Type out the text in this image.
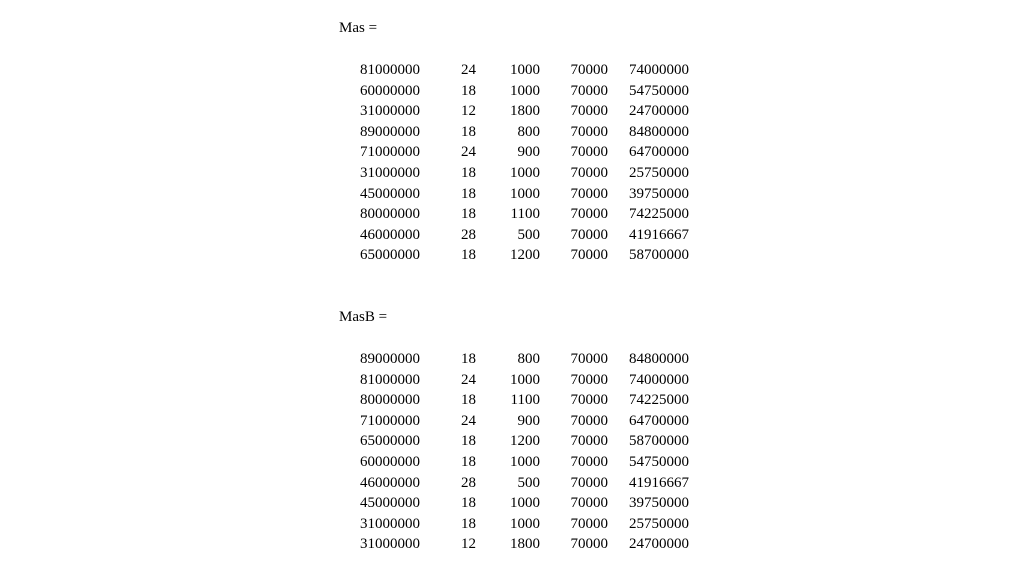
Mas =
81000000	24 1000 70000 74000000
60000000	18 1000 70000 54750000
31000000	12 1800 70000 24700000
89000000	18	800 70000 84800000
71000000	24	900 70000 64700000
31000000	18 1000 70000 25750000
45000000	18 1000 70000 39750000
80000000	18 1100 70000 74225000
46000000	28	500 70000 41916667
65000000	18 1200 70000 58700000
MasB =
89000000	18	800 70000 84800000
81000000	24 1000 70000 74000000
80000000	18 1100 70000 74225000
71000000	24	900 70000 64700000
65000000	18 1200 70000 58700000
60000000	18 1000 70000 54750000
46000000	28	500 70000 41916667
45000000	18 1000 70000 39750000
31000000	18 1000 70000 25750000
31000000	12 1800 70000 24700000
